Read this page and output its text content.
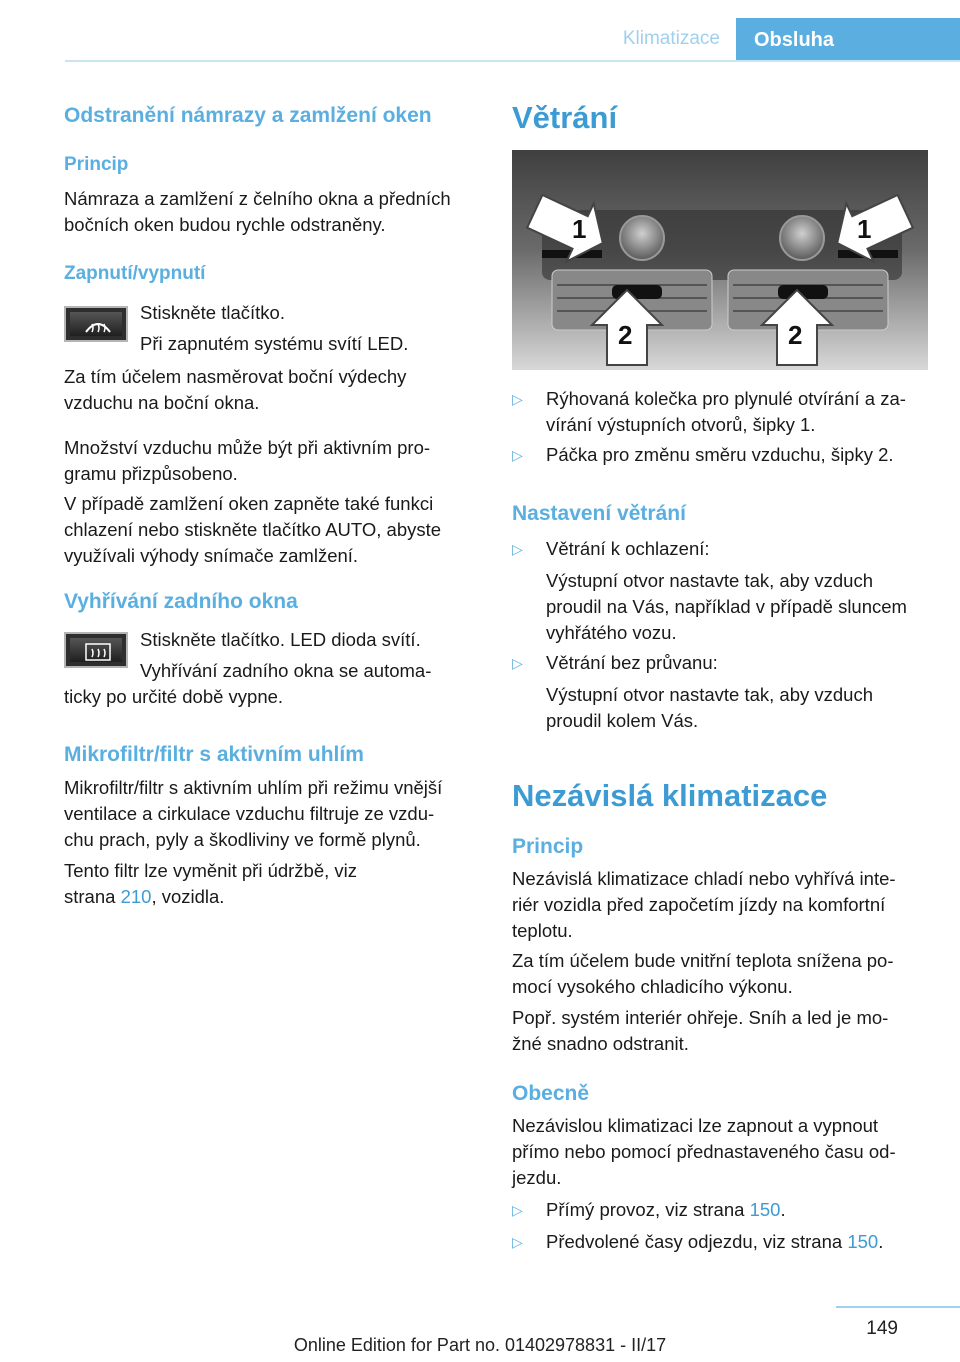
Klimatizace	Obsluha
Odstranění námrazy a zamlžení oken
Princip
Námraza a zamlžení z čelního okna a předních
bočních oken budou rychle odstraněny.
Zapnutí/vypnutí
Stiskněte tlačítko.
Při zapnutém systému svítí LED.
Za tím účelem nasměrovat boční výdechy
vzduchu na boční okna.
Množství vzduchu může být při aktivním pro-
gramu přizpůsobeno.
V případě zamlžení oken zapněte také funkci
chlazení nebo stiskněte tlačítko AUTO, abyste
využívali výhody snímače zamlžení.
Vyhřívání zadního okna
Stiskněte tlačítko. LED dioda svítí.
Vyhřívání zadního okna se automa-
ticky po určité době vypne.
Mikrofiltr/filtr s aktivním uhlím
Mikrofiltr/filtr s aktivním uhlím při režimu vnější
ventilace a cirkulace vzduchu filtruje ze vzdu-
chu prach, pyly a škodliviny ve formě plynů.
Tento filtr lze vyměnit při údržbě, viz
strana 210, vozidla.
Větrání
1	1
2	2
▷ Rýhovaná kolečka pro plynulé otvírání a za-
vírání výstupních otvorů, šipky 1.
▷ Páčka pro změnu směru vzduchu, šipky 2.
Nastavení větrání
▷ Větrání k ochlazení:
Výstupní otvor nastavte tak, aby vzduch
proudil na Vás, například v případě sluncem
vyhřátého vozu.
▷ Větrání bez průvanu:
Výstupní otvor nastavte tak, aby vzduch
proudil kolem Vás.
Nezávislá klimatizace
Princip
Nezávislá klimatizace chladí nebo vyhřívá inte-
riér vozidla před započetím jízdy na komfortní
teplotu.
Za tím účelem bude vnitřní teplota snížena po-
mocí vysokého chladicího výkonu.
Popř. systém interiér ohřeje. Sníh a led je mo-
žné snadno odstranit.
Obecně
Nezávislou klimatizaci lze zapnout a vypnout
přímo nebo pomocí přednastaveného času od-
jezdu.
▷ Přímý provoz, viz strana 150.
▷ Předvolené časy odjezdu, viz strana 150.
149
Online Edition for Part no. 01402978831 - II/17
